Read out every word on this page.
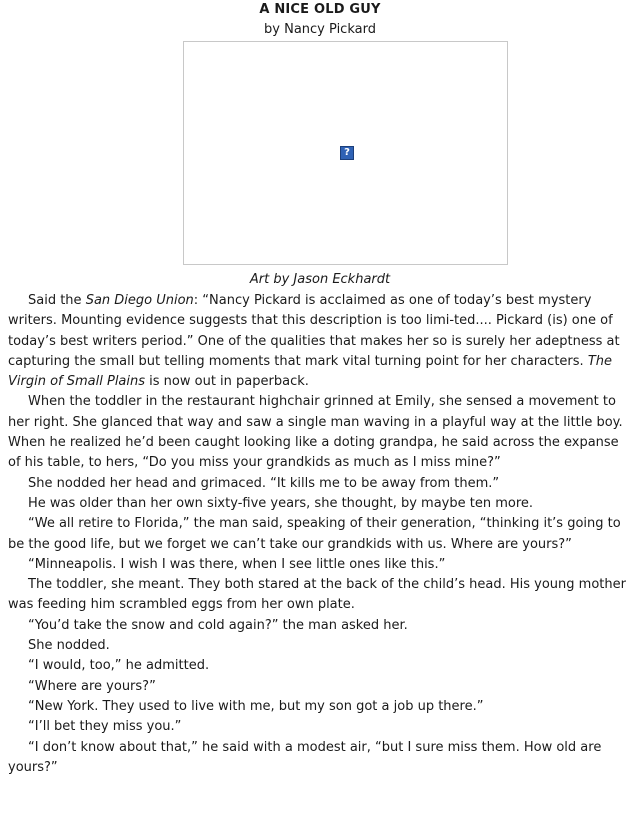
A NICE OLD GUY
by Nancy Pickard
?
Art by Jason Eckhardt

Said the San Diego Union: “Nancy Pickard is acclaimed as one of today’s best mystery writers. Mounting evidence suggests that this description is too limi-ted.... Pickard (is) one of today’s best writers period.” One of the qualities that makes her so is surely her adeptness at capturing the small but telling moments that mark vital turning point for her characters. The Virgin of Small Plains is now out in paperback.

When the toddler in the restaurant highchair grinned at Emily, she sensed a movement to her right. She glanced that way and saw a single man waving in a playful way at the little boy. When he realized he’d been caught looking like a doting grandpa, he said across the expanse of his table, to hers, “Do you miss your grandkids as much as I miss mine?”

She nodded her head and grimaced. “It kills me to be away from them.”

He was older than her own sixty-five years, she thought, by maybe ten more.

“We all retire to Florida,” the man said, speaking of their generation, “thinking it’s going to be the good life, but we forget we can’t take our grandkids with us. Where are yours?”

“Minneapolis. I wish I was there, when I see little ones like this.”

The toddler, she meant. They both stared at the back of the child’s head. His young mother was feeding him scrambled eggs from her own plate.

“You’d take the snow and cold again?” the man asked her.

She nodded.

“I would, too,” he admitted.

“Where are yours?”

“New York. They used to live with me, but my son got a job up there.”

“I’ll bet they miss you.”

“I don’t know about that,” he said with a modest air, “but I sure miss them. How old are yours?”
